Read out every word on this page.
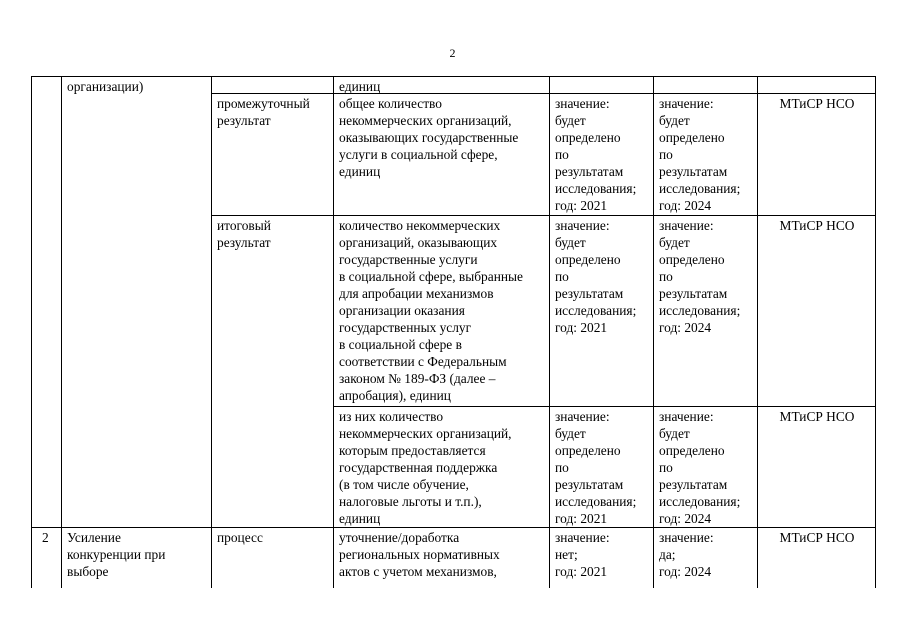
2
организации)	единиц
промежуточный
результат
общее количество
некоммерческих организаций,
оказывающих государственные
услуги в социальной сфере,
единиц
значение:
будет
определено
по
результатам
исследования;
год: 2021
значение:
будет
определено
по
результатам
исследования;
год: 2024
МТиСР НСО
итоговый
результат
количество некоммерческих
организаций, оказывающих
государственные услуги
в социальной сфере, выбранные
для апробации механизмов
организации оказания
государственных услуг
в социальной сфере в
соответствии с Федеральным
законом № 189-ФЗ (далее –
апробация), единиц
значение:
будет
определено
по
результатам
исследования;
год: 2021
значение:
будет
определено
по
результатам
исследования;
год: 2024
МТиСР НСО
из них количество
некоммерческих организаций,
которым предоставляется
государственная поддержка
(в том числе обучение,
налоговые льготы и т.п.),
единиц
значение:
будет
определено
по
результатам
исследования;
год: 2021
значение:
будет
определено
по
результатам
исследования;
год: 2024
МТиСР НСО
2 Усиление
конкуренции при
выборе
процесс	уточнение/доработка
региональных нормативных
актов с учетом механизмов,
значение:
нет;
год: 2021
значение:
да;
год: 2024
МТиСР НСО
